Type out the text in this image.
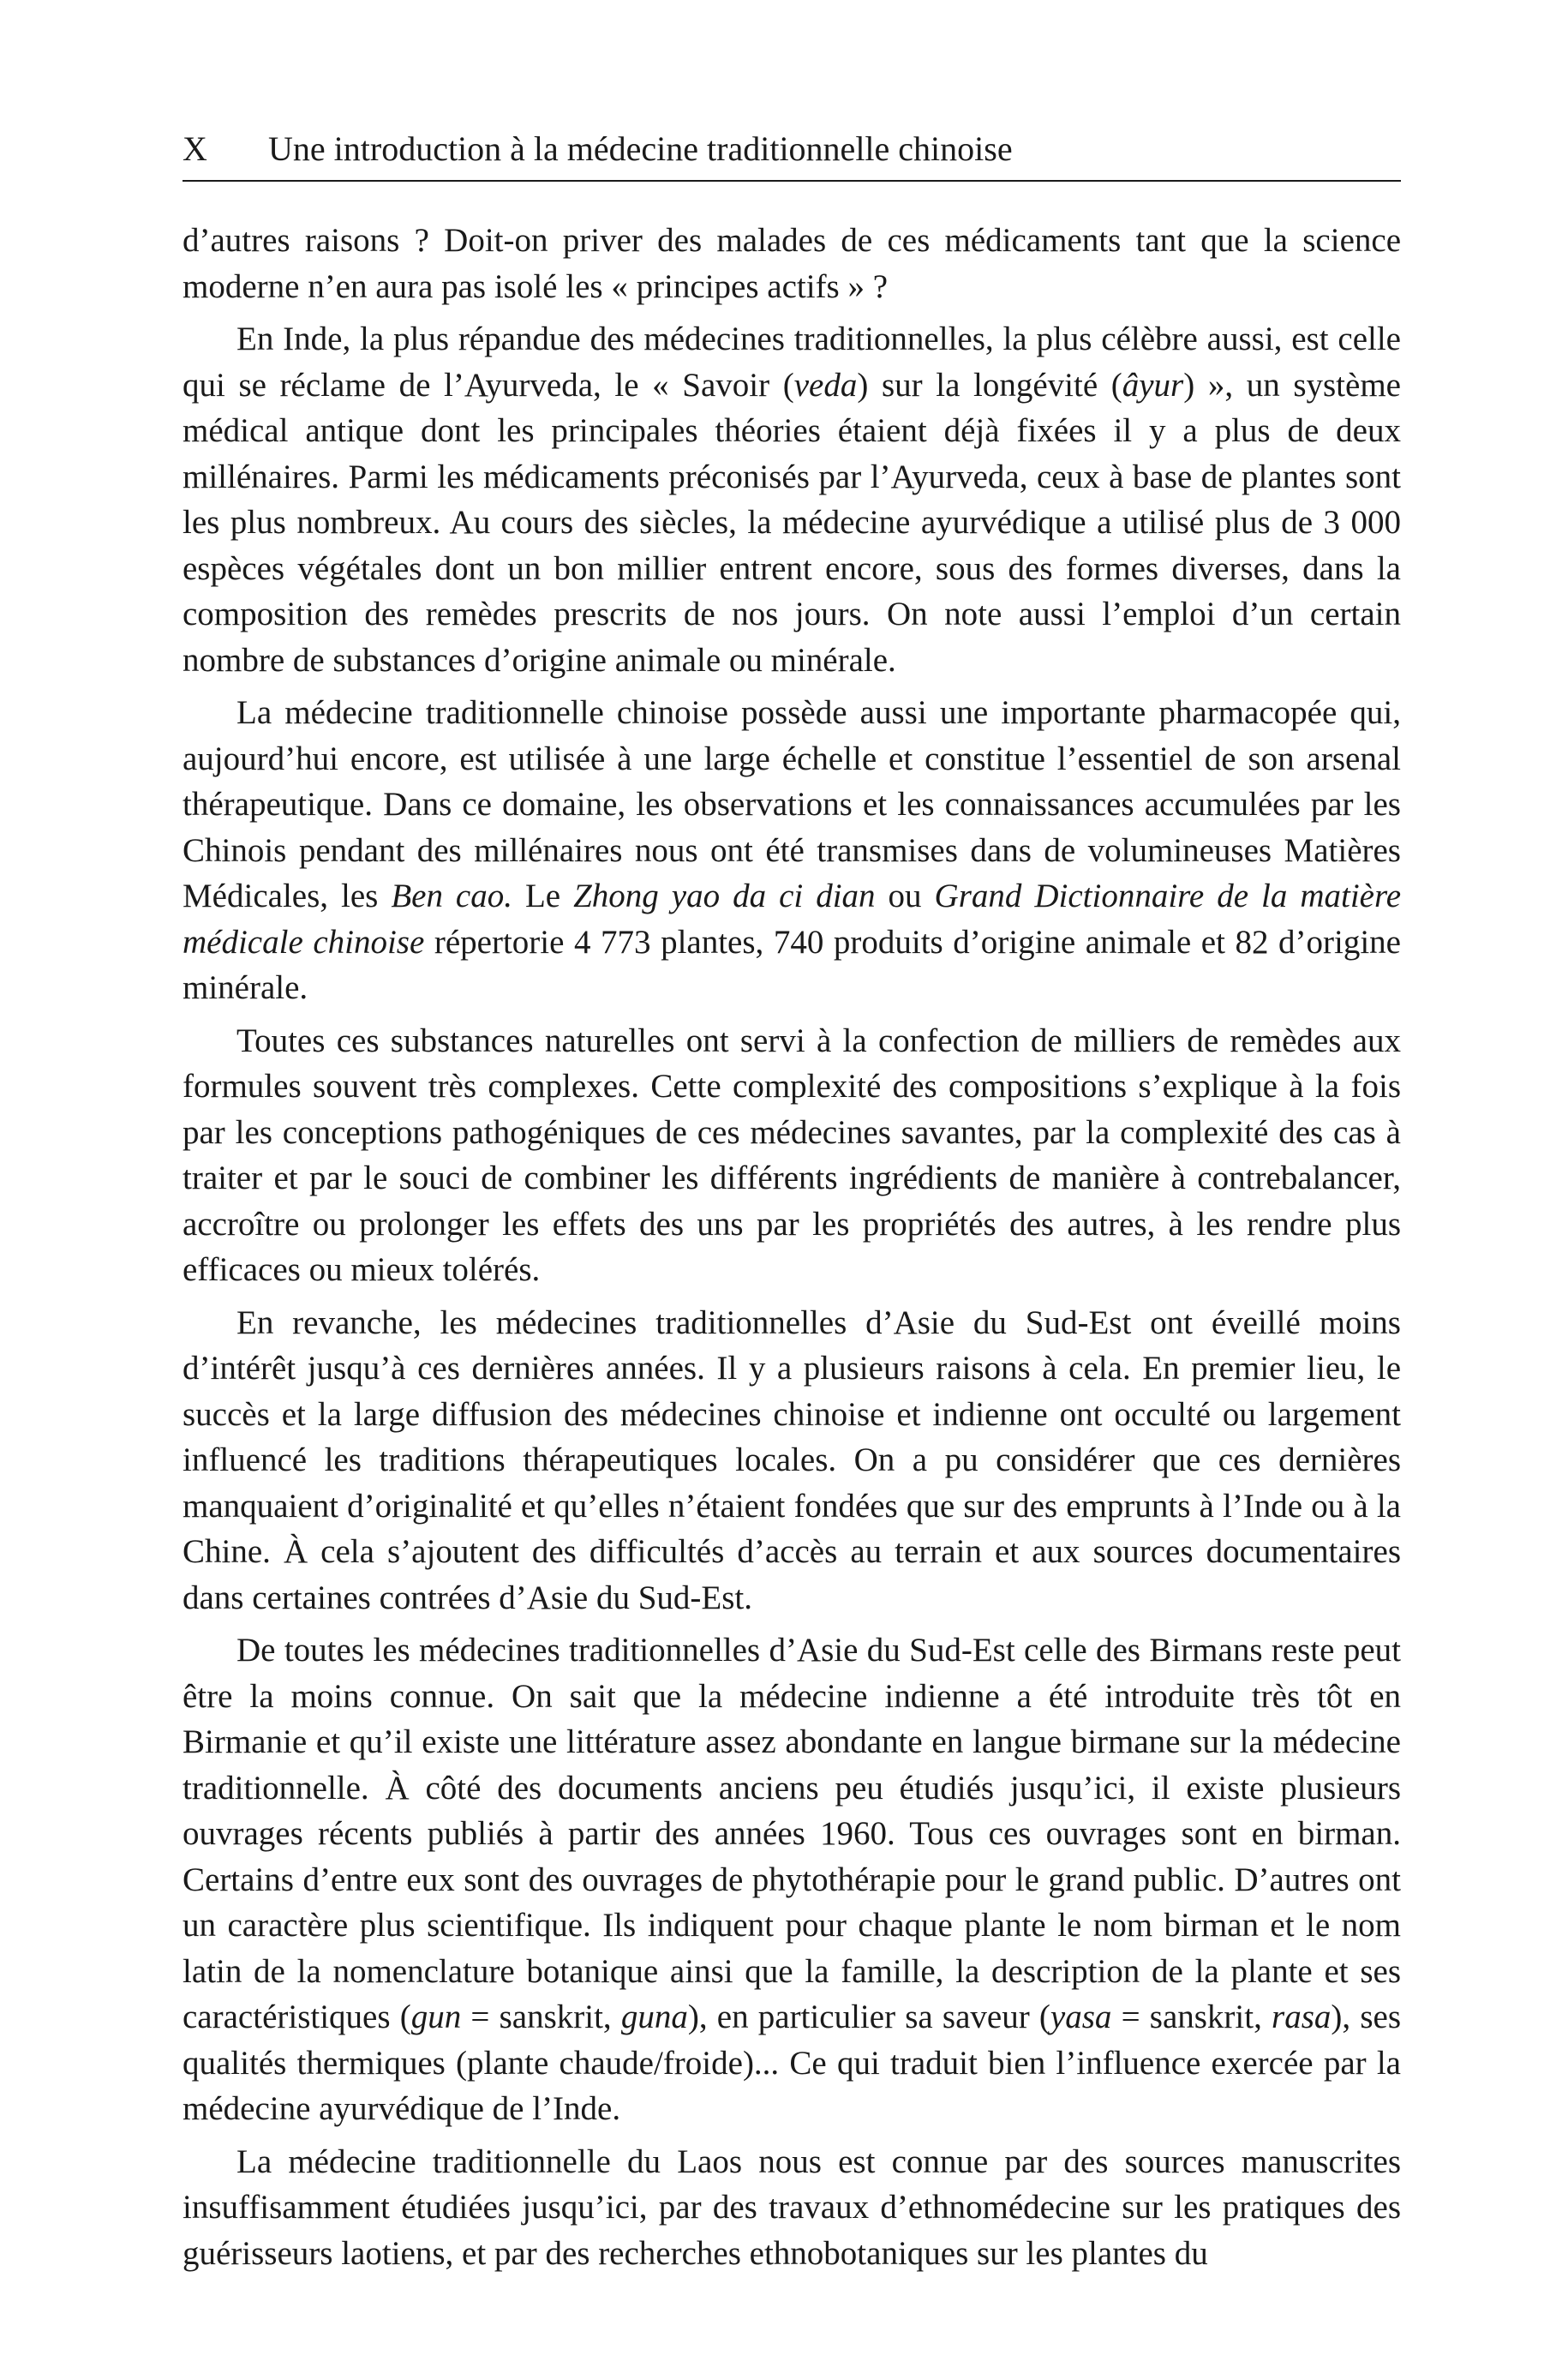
X	Une introduction à la médecine traditionnelle chinoise

d’autres raisons ? Doit-on priver des malades de ces médicaments tant que la science moderne n’en aura pas isolé les « principes actifs » ?

En Inde, la plus répandue des médecines traditionnelles, la plus célèbre aussi, est celle qui se réclame de l’Ayurveda, le « Savoir (veda) sur la longévité (âyur) », un système médical antique dont les principales théories étaient déjà fixées il y a plus de deux millénaires. Parmi les médicaments préconisés par l’Ayurveda, ceux à base de plantes sont les plus nombreux. Au cours des siècles, la médecine ayurvédique a utilisé plus de 3 000 espèces végétales dont un bon millier entrent encore, sous des formes diverses, dans la composition des remèdes prescrits de nos jours. On note aussi l’emploi d’un certain nombre de substances d’origine animale ou minérale.

La médecine traditionnelle chinoise possède aussi une importante pharmacopée qui, aujourd’hui encore, est utilisée à une large échelle et constitue l’essentiel de son arsenal thérapeutique. Dans ce domaine, les observations et les connaissances accumulées par les Chinois pendant des millénaires nous ont été transmises dans de volumineuses Matières Médicales, les Ben cao. Le Zhong yao da ci dian ou Grand Dictionnaire de la matière médicale chinoise répertorie 4 773 plantes, 740 produits d’origine animale et 82 d’origine minérale.

Toutes ces substances naturelles ont servi à la confection de milliers de remèdes aux formules souvent très complexes. Cette complexité des compositions s’explique à la fois par les conceptions pathogéniques de ces médecines savantes, par la complexité des cas à traiter et par le souci de combiner les différents ingrédients de manière à contrebalancer, accroître ou prolonger les effets des uns par les propriétés des autres, à les rendre plus efficaces ou mieux tolérés.

En revanche, les médecines traditionnelles d’Asie du Sud-Est ont éveillé moins d’intérêt jusqu’à ces dernières années. Il y a plusieurs raisons à cela. En premier lieu, le succès et la large diffusion des médecines chinoise et indienne ont occulté ou largement influencé les traditions thérapeutiques locales. On a pu considérer que ces dernières manquaient d’originalité et qu’elles n’étaient fondées que sur des emprunts à l’Inde ou à la Chine. À cela s’ajoutent des difficultés d’accès au terrain et aux sources documentaires dans certaines contrées d’Asie du Sud-Est.

De toutes les médecines traditionnelles d’Asie du Sud-Est celle des Birmans reste peut être la moins connue. On sait que la médecine indienne a été introduite très tôt en Birmanie et qu’il existe une littérature assez abondante en langue birmane sur la médecine traditionnelle. À côté des documents anciens peu étudiés jusqu’ici, il existe plusieurs ouvrages récents publiés à partir des années 1960. Tous ces ouvrages sont en birman. Certains d’entre eux sont des ouvrages de phytothérapie pour le grand public. D’autres ont un caractère plus scientifique. Ils indiquent pour chaque plante le nom birman et le nom latin de la nomenclature botanique ainsi que la famille, la description de la plante et ses caractéristiques (gun = sanskrit, guna), en particulier sa saveur (yasa = sanskrit, rasa), ses qualités thermiques (plante chaude/froide)... Ce qui traduit bien l’influence exercée par la médecine ayurvédique de l’Inde.

La médecine traditionnelle du Laos nous est connue par des sources manuscrites insuffisamment étudiées jusqu’ici, par des travaux d’ethnomédecine sur les pratiques des guérisseurs laotiens, et par des recherches ethnobotaniques sur les plantes du
